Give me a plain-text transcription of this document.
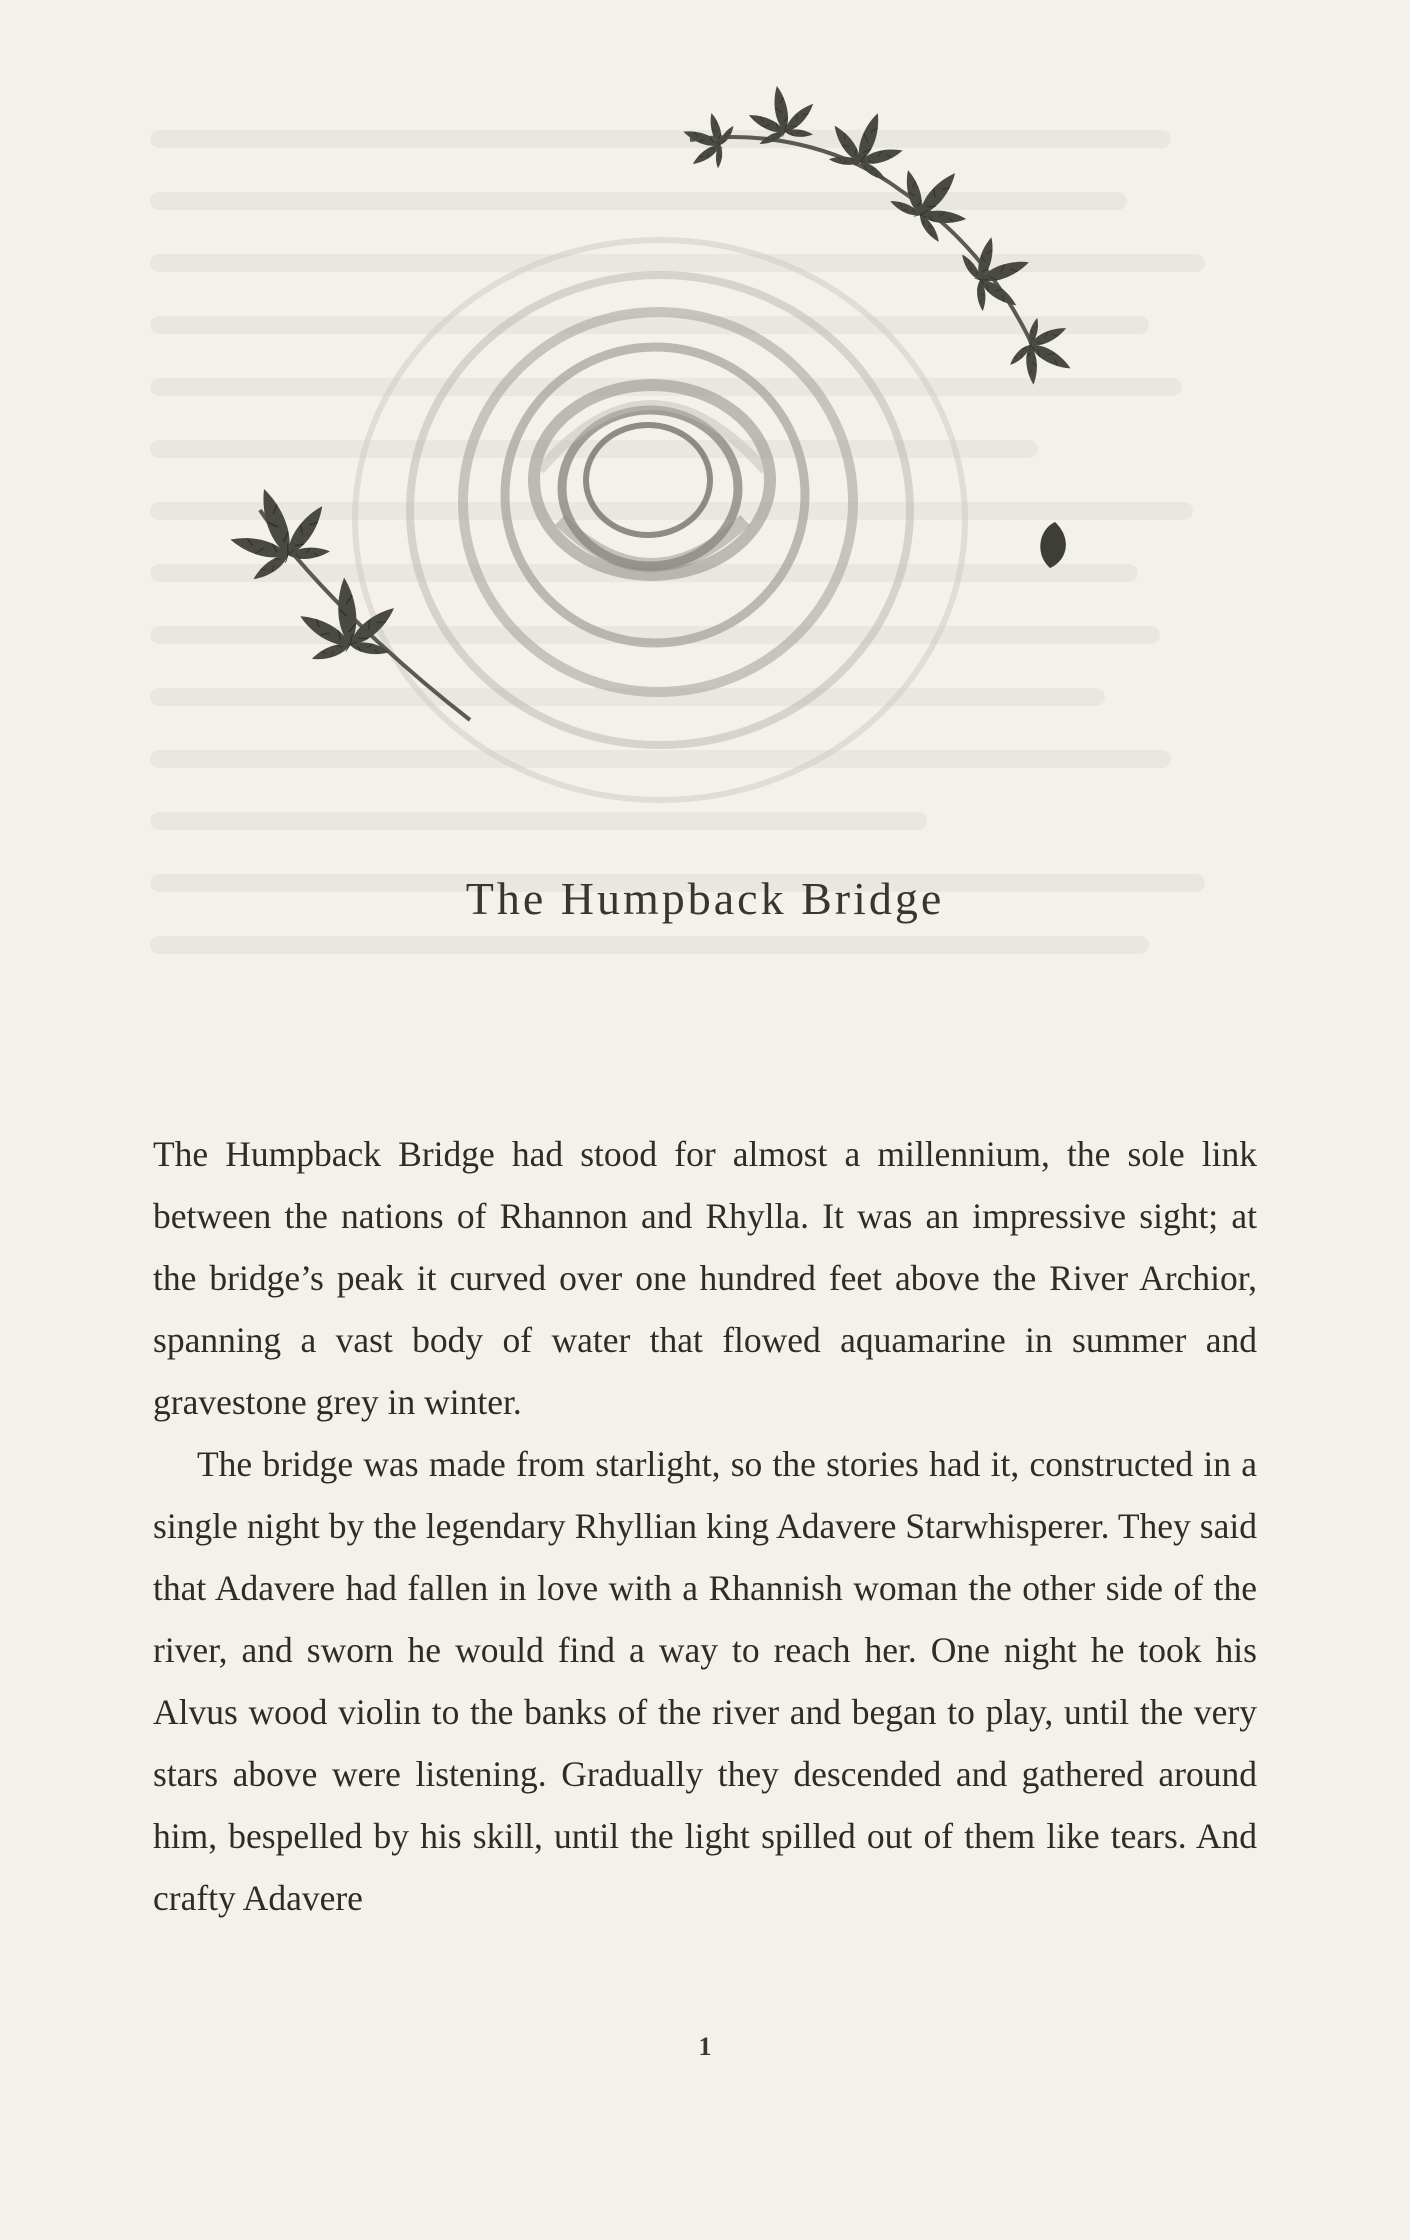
The Humpback Bridge

The Humpback Bridge had stood for almost a millennium, the sole link between the nations of Rhannon and Rhylla. It was an impressive sight; at the bridge’s peak it curved over one hundred feet above the River Archior, spanning a vast body of water that flowed aquamarine in summer and gravestone grey in winter.

The bridge was made from starlight, so the stories had it, constructed in a single night by the legendary Rhyllian king Adavere Starwhisperer. They said that Adavere had fallen in love with a Rhannish woman the other side of the river, and sworn he would find a way to reach her. One night he took his Alvus wood violin to the banks of the river and began to play, until the very stars above were listening. Gradually they descended and gathered around him, bespelled by his skill, until the light spilled out of them like tears. And crafty Adavere

1
